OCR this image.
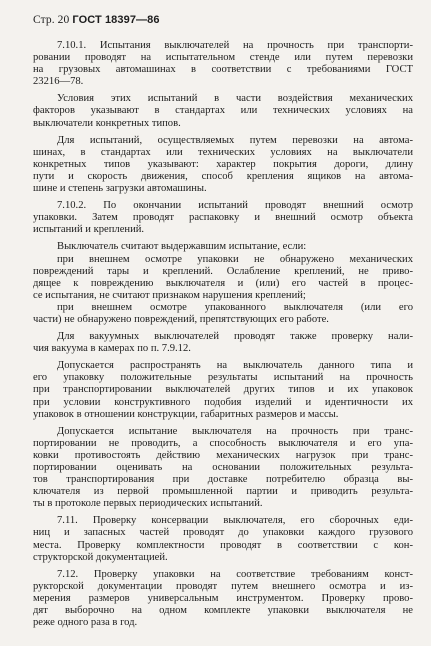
Стр. 20 ГОСТ 18397—86
7.10.1. Испытания выключателей на прочность при транспорти-
ровании проводят на испытательном стенде или путем перевозки
на грузовых автомашинах в соответствии с требованиями ГОСТ
23216—78.
Условия этих испытаний в части воздействия механических
факторов указывают в стандартах или технических условиях на
выключатели конкретных типов.
Для испытаний, осуществляемых путем перевозки на автома-
шинах, в стандартах или технических условиях на выключатели
конкретных типов указывают: характер покрытия дороги, длину
пути и скорость движения, способ крепления ящиков на автома-
шине и степень загрузки автомашины.
7.10.2. По окончании испытаний проводят внешний осмотр
упаковки. Затем проводят распаковку и внешний осмотр объекта
испытаний и креплений.
Выключатель считают выдержавшим испытание, если:
при внешнем осмотре упаковки не обнаружено механических
повреждений тары и креплений. Ослабление креплений, не приво-
дящее к повреждению выключателя и (или) его частей в процес-
се испытания, не считают признаком нарушения креплений;
при внешнем осмотре упакованного выключателя (или его
части) не обнаружено повреждений, препятствующих его работе.
Для вакуумных выключателей проводят также проверку нали-
чия вакуума в камерах по п. 7.9.12.
Допускается распространять на выключатель данного типа и
его упаковку положительные результаты испытаний на прочность
при транспортировании выключателей других типов и их упаковок
при условии конструктивного подобия изделий и идентичности их
упаковок в отношении конструкции, габаритных размеров и массы.
Допускается испытание выключателя на прочность при транс-
портировании не проводить, а способность выключателя и его упа-
ковки противостоять действию механических нагрузок при транс-
портировании оценивать на основании положительных результа-
тов транспортирования при доставке потребителю образца вы-
ключателя из первой промышленной партии и приводить результа-
ты в протоколе первых периодических испытаний.
7.11. Проверку консервации выключателя, его сборочных еди-
ниц и запасных частей проводят до упаковки каждого грузового
места. Проверку комплектности проводят в соответствии с кон-
структорской документацией.
7.12. Проверку упаковки на соответствие требованиям конст-
рукторской документации проводят путем внешнего осмотра и из-
мерения размеров универсальным инструментом. Проверку прово-
дят выборочно на одном комплекте упаковки выключателя не
реже одного раза в год.
